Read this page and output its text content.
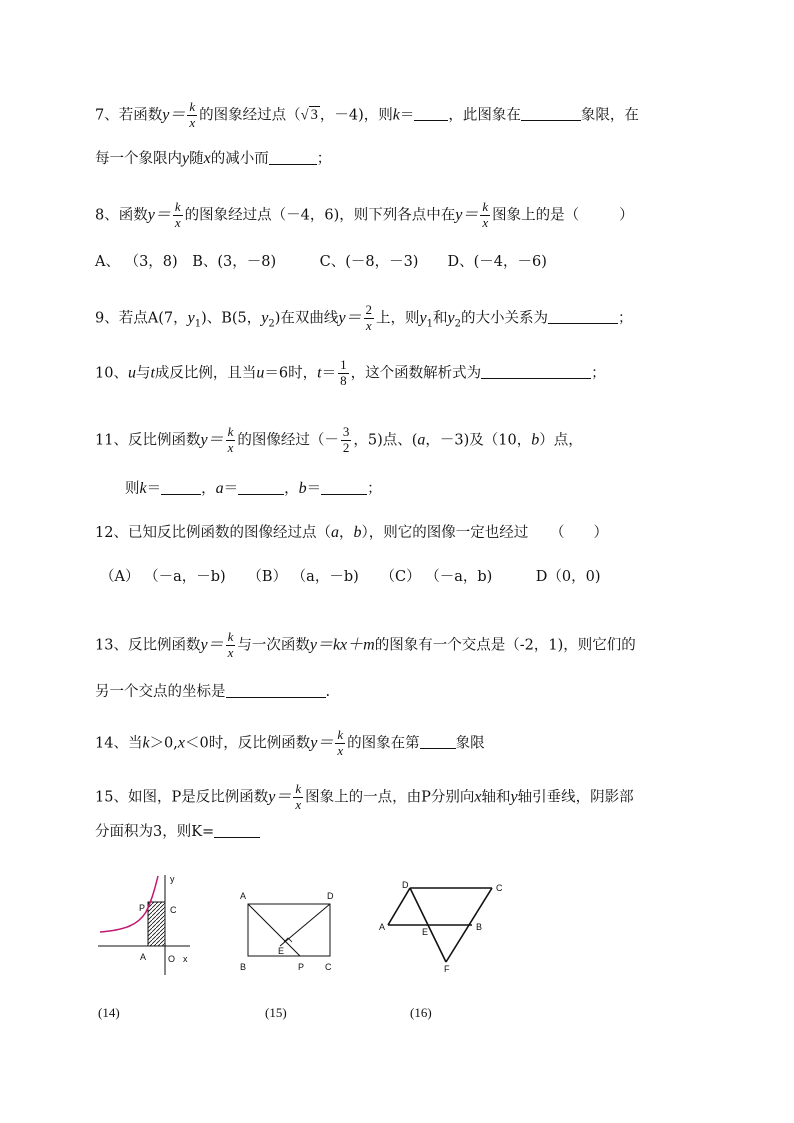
7、若函数$y= \frac{k}{x}$ 的图象经过点（√ 3 ，－4)，则k＝ ，此图象在	象限，在
每一个象限内y随x的减小而	；
8、函数$y= \frac{k}{x}$ 的图象经过点（－4，6)，则下列各点中在$y= \frac{k}{x}$ 图象上的是（	）
A、 （3，8)　B、(3，－8)　　　C、(－8，－3)　　D、(－4，－6)
9、若点A(7，$y_1$)、B(5，$y_2$)在双曲线$y= \frac{2}{x}$ 上，则$y_1$和$y_2$的大小关系为	；
10、u与t成反比例，且当u＝6时，$t= \frac{1}{8}$ ，这个函数解析式为	；
11、反比例函数$y= \frac{k}{x}$ 的图像经过（－ $\frac{3}{2}$ ，5)点、(a，－3)及（10，b）点，
则k＝	，a＝	，b＝	；
12、已知反比例函数的图像经过点（a，b），则它的图像一定也经过　　（　　）
（A） （－a，－b)　　（B） （a，－b)　　（C） （－a，b)　　　D（0，0)
13、反比例函数$y= \frac{k}{x}$ 与一次函数y＝kx＋m的图象有一个交点是（-2，1)，则它们的
另一个交点的坐标是	.
14、当k＞0,x＜0时，反比例函数$y= \frac{k}{x}$ 的图象在第 象限
15、如图，P是反比例函数$y= \frac{k}{x}$ 图象上的一点，由P分别向x轴和y轴引垂线，阴影部
分面积为3，则K=
y
P	C
A O x
A	D
E
B	P C
D	C
A	E	B
F
(14)	(15)	(16)
